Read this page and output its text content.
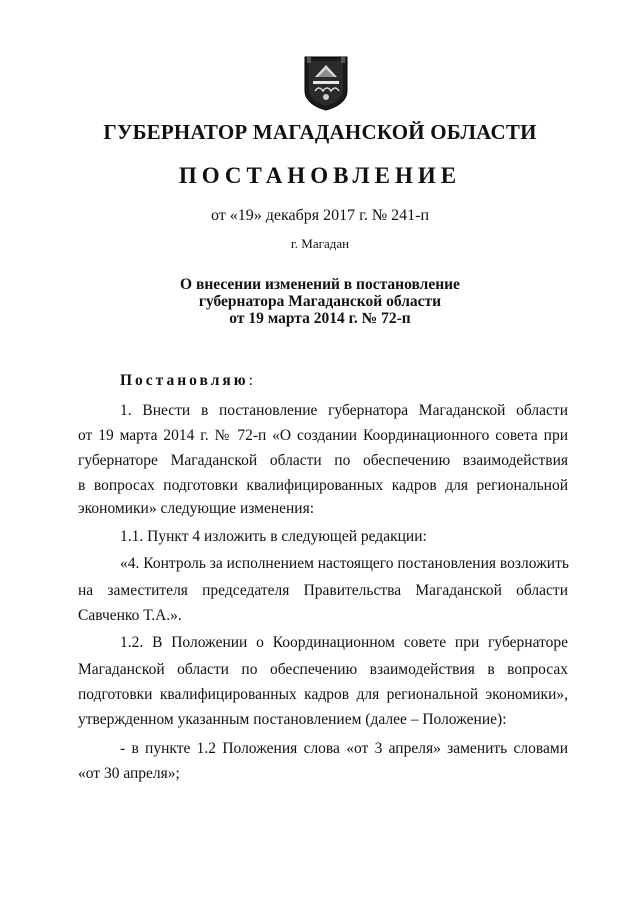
ГУБЕРНАТОР МАГАДАНСКОЙ ОБЛАСТИ
ПОСТАНОВЛЕНИЕ
от «19» декабря 2017 г. № 241-п
г. Магадан
О внесении изменений в постановление
губернатора Магаданской области
от 19 марта 2014 г. № 72-п
Постановляю:
1. Внести в постановление губернатора Магаданской области
от 19 марта 2014 г. № 72-п «О создании Координационного совета при
губернаторе Магаданской области по обеспечению взаимодействия
в вопросах подготовки квалифицированных кадров для региональной
экономики» следующие изменения:
1.1. Пункт 4 изложить в следующей редакции:
«4. Контроль за исполнением настоящего постановления возложить
на заместителя председателя Правительства Магаданской области
Савченко Т.А.».
1.2. В Положении о Координационном совете при губернаторе
Магаданской области по обеспечению взаимодействия в вопросах
подготовки квалифицированных кадров для региональной экономики»,
утвержденном указанным постановлением (далее – Положение):
- в пункте 1.2 Положения слова «от 3 апреля» заменить словами
«от 30 апреля»;
